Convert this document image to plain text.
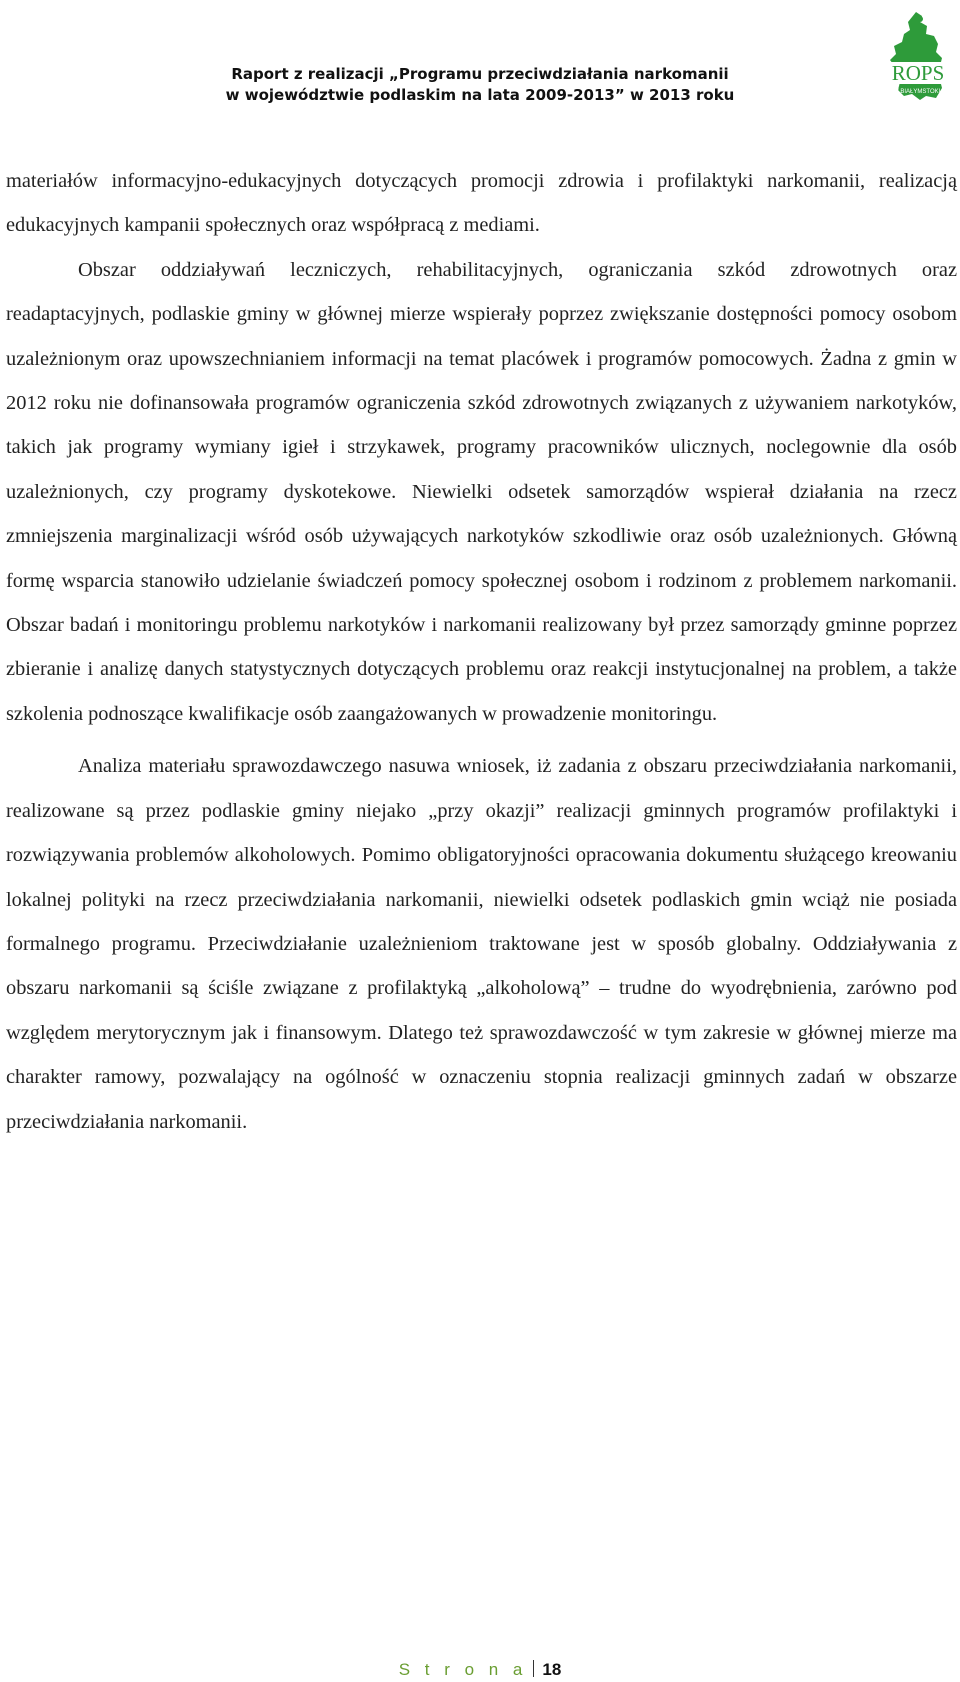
Raport z realizacji „Programu przeciwdziałania narkomanii
w województwie podlaskim na lata 2009-2013” w 2013 roku
ROPS
W BIAŁYMSTOKU

materiałów informacyjno-edukacyjnych dotyczących promocji zdrowia i profilaktyki narkomanii, realizacją edukacyjnych kampanii społecznych oraz współpracą z mediami.

Obszar oddziaływań leczniczych, rehabilitacyjnych, ograniczania szkód zdrowotnych oraz readaptacyjnych, podlaskie gminy w głównej mierze wspierały poprzez zwiększanie dostępności pomocy osobom uzależnionym oraz upowszechnianiem informacji na temat placówek i programów pomocowych. Żadna z gmin w 2012 roku nie dofinansowała programów ograniczenia szkód zdrowotnych związanych z używaniem narkotyków, takich jak programy wymiany igieł i strzykawek, programy pracowników ulicznych, noclegownie dla osób uzależnionych, czy programy dyskotekowe. Niewielki odsetek samorządów wspierał działania na rzecz zmniejszenia marginalizacji wśród osób używających narkotyków szkodliwie oraz osób uzależnionych. Główną formę wsparcia stanowiło udzielanie świadczeń pomocy społecznej osobom i rodzinom z problemem narkomanii. Obszar badań i monitoringu problemu narkotyków i narkomanii realizowany był przez samorządy gminne poprzez zbieranie i analizę danych statystycznych dotyczących problemu oraz reakcji instytucjonalnej na problem, a także szkolenia podnoszące kwalifikacje osób zaangażowanych w prowadzenie monitoringu.

Analiza materiału sprawozdawczego nasuwa wniosek, iż zadania z obszaru przeciwdziałania narkomanii, realizowane są przez podlaskie gminy niejako „przy okazji” realizacji gminnych programów profilaktyki i rozwiązywania problemów alkoholowych. Pomimo obligatoryjności opracowania dokumentu służącego kreowaniu lokalnej polityki na rzecz przeciwdziałania narkomanii, niewielki odsetek podlaskich gmin wciąż nie posiada formalnego programu. Przeciwdziałanie uzależnieniom traktowane jest w sposób globalny. Oddziaływania z obszaru narkomanii są ściśle związane z profilaktyką „alkoholową” – trudne do wyodrębnienia, zarówno pod względem merytorycznym jak i finansowym. Dlatego też sprawozdawczość w tym zakresie w głównej mierze ma charakter ramowy, pozwalający na ogólność w oznaczeniu stopnia realizacji gminnych zadań w obszarze przeciwdziałania narkomanii.

S t r o n a 18
